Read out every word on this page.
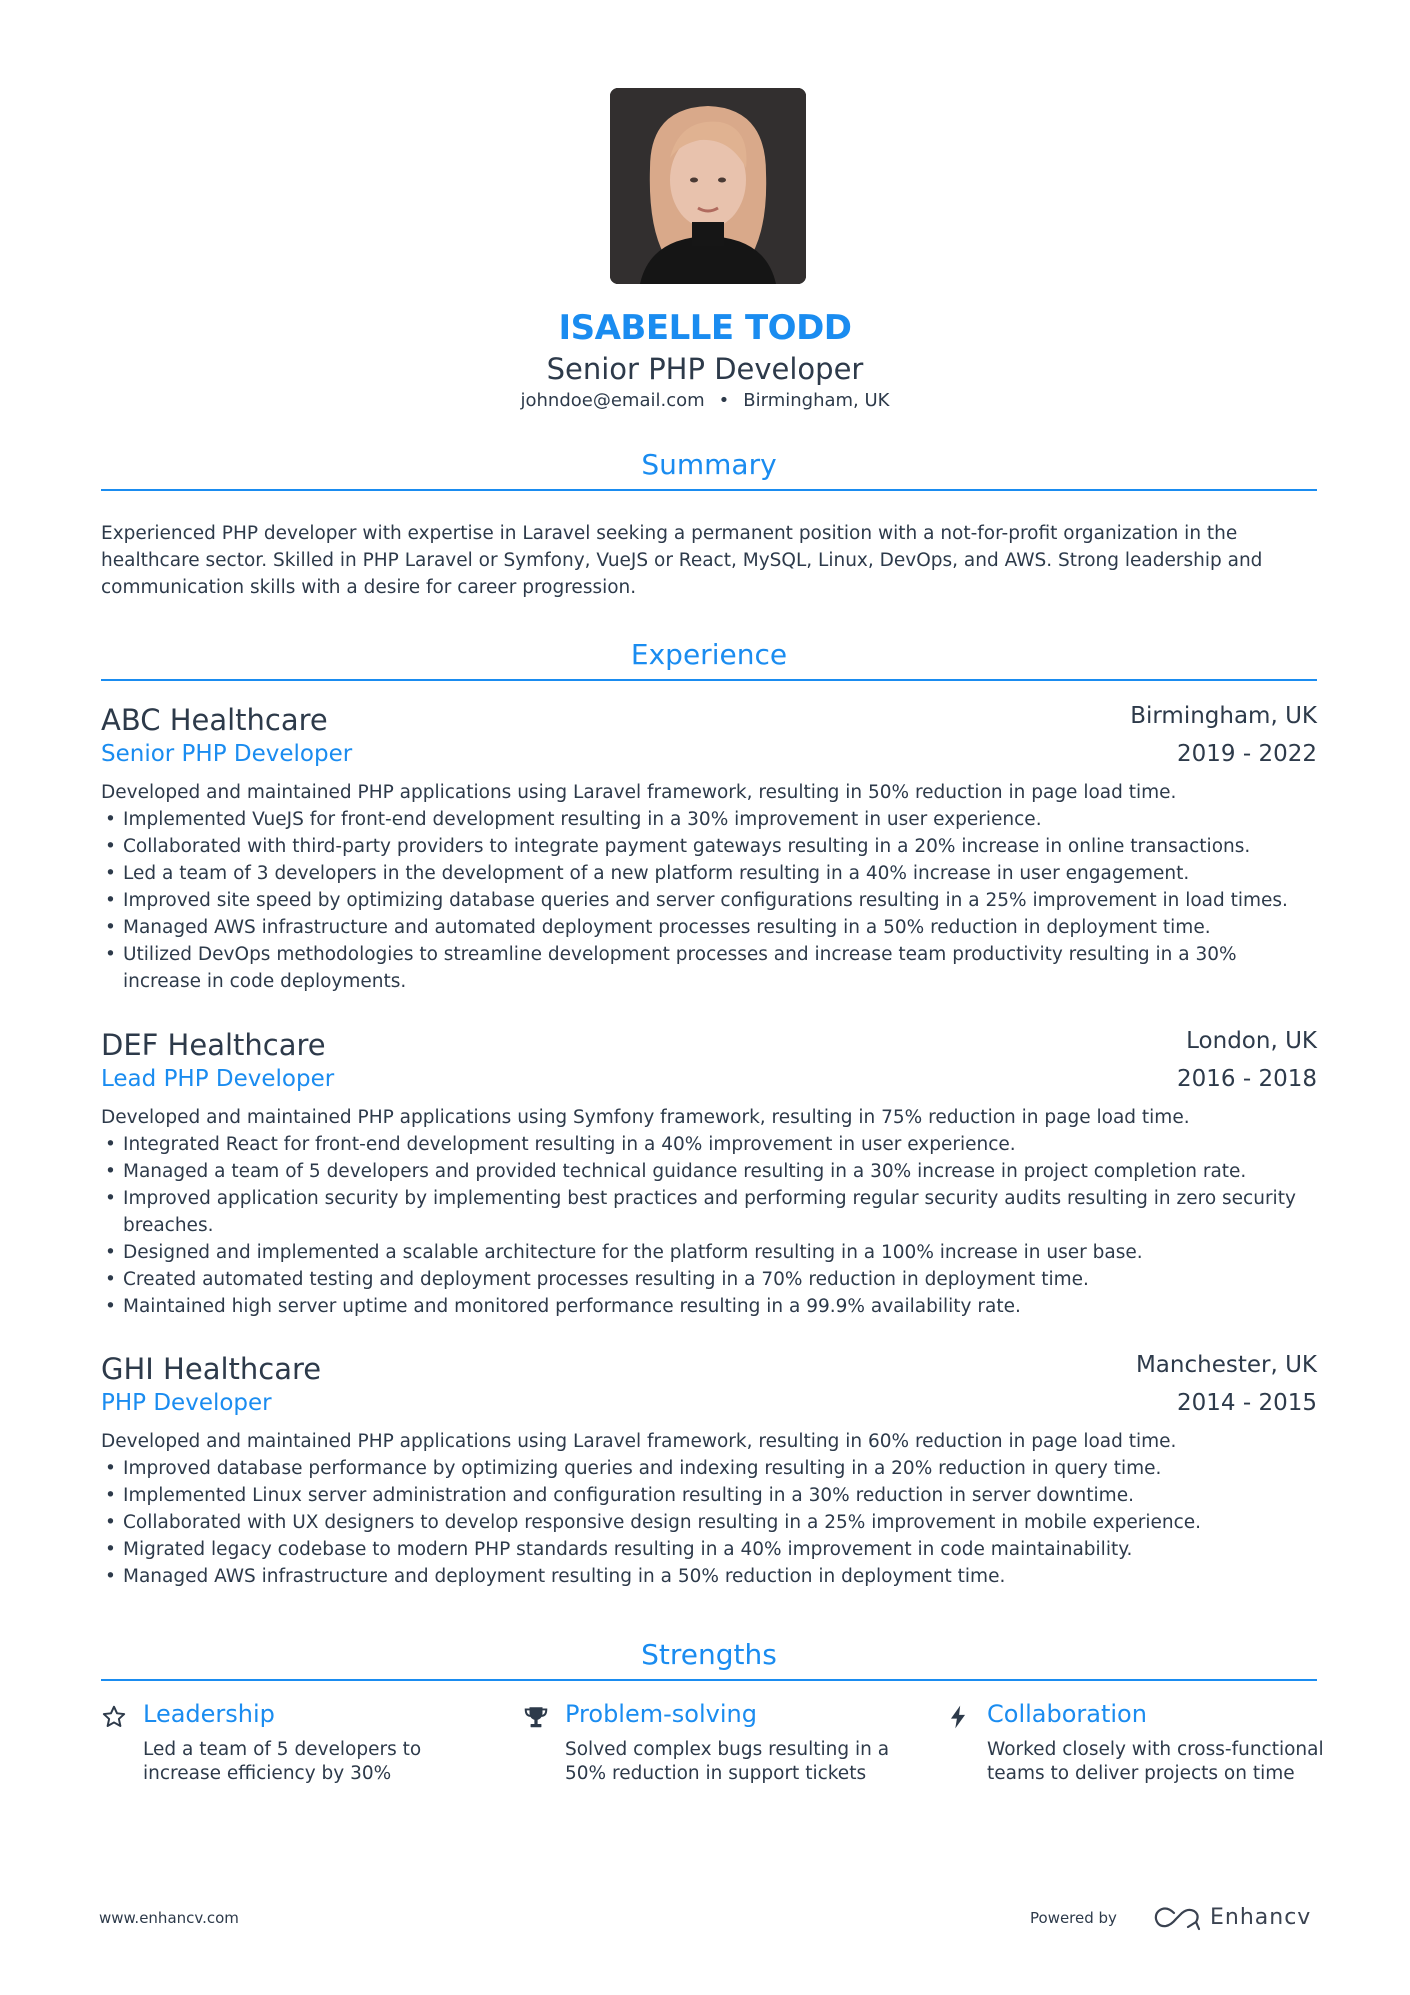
ISABELLE TODD
Senior PHP Developer
johndoe@email.com • Birmingham, UK
Summary
Experienced PHP developer with expertise in Laravel seeking a permanent position with a not-for-profit organization in the healthcare sector. Skilled in PHP Laravel or Symfony, VueJS or React, MySQL, Linux, DevOps, and AWS. Strong leadership and communication skills with a desire for career progression.
Experience
ABC Healthcare	Birmingham, UK
Senior PHP Developer	2019 - 2022
Developed and maintained PHP applications using Laravel framework, resulting in 50% reduction in page load time.
• Implemented VueJS for front-end development resulting in a 30% improvement in user experience.
• Collaborated with third-party providers to integrate payment gateways resulting in a 20% increase in online transactions.
• Led a team of 3 developers in the development of a new platform resulting in a 40% increase in user engagement.
• Improved site speed by optimizing database queries and server configurations resulting in a 25% improvement in load times.
• Managed AWS infrastructure and automated deployment processes resulting in a 50% reduction in deployment time.
• Utilized DevOps methodologies to streamline development processes and increase team productivity resulting in a 30% increase in code deployments.
DEF Healthcare	London, UK
Lead PHP Developer	2016 - 2018
Developed and maintained PHP applications using Symfony framework, resulting in 75% reduction in page load time.
• Integrated React for front-end development resulting in a 40% improvement in user experience.
• Managed a team of 5 developers and provided technical guidance resulting in a 30% increase in project completion rate.
• Improved application security by implementing best practices and performing regular security audits resulting in zero security breaches.
• Designed and implemented a scalable architecture for the platform resulting in a 100% increase in user base.
• Created automated testing and deployment processes resulting in a 70% reduction in deployment time.
• Maintained high server uptime and monitored performance resulting in a 99.9% availability rate.
GHI Healthcare	Manchester, UK
PHP Developer	2014 - 2015
Developed and maintained PHP applications using Laravel framework, resulting in 60% reduction in page load time.
• Improved database performance by optimizing queries and indexing resulting in a 20% reduction in query time.
• Implemented Linux server administration and configuration resulting in a 30% reduction in server downtime.
• Collaborated with UX designers to develop responsive design resulting in a 25% improvement in mobile experience.
• Migrated legacy codebase to modern PHP standards resulting in a 40% improvement in code maintainability.
• Managed AWS infrastructure and deployment resulting in a 50% reduction in deployment time.
Strengths
Leadership
Led a team of 5 developers to increase efficiency by 30%
Problem-solving
Solved complex bugs resulting in a 50% reduction in support tickets
Collaboration
Worked closely with cross-functional teams to deliver projects on time
www.enhancv.com	Powered by	Enhancv
